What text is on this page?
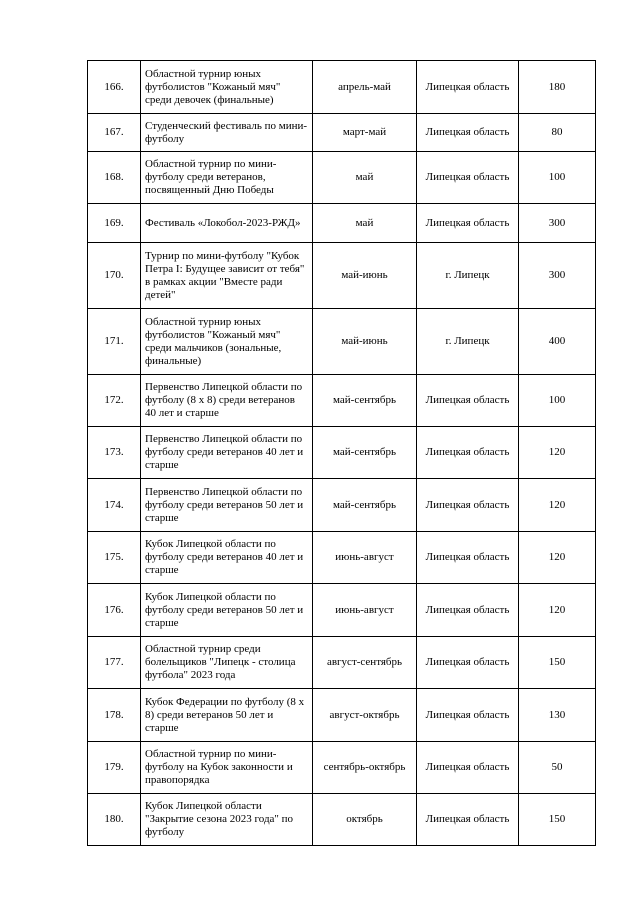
166.	Областной турнир юных футболистов "Кожаный мяч" среди девочек (финальные)	апрель-май	Липецкая область	180
167.	Студенческий фестиваль по мини-футболу	март-май	Липецкая область	80
168.	Областной турнир по мини-футболу среди ветеранов, посвященный Дню Победы	май	Липецкая область	100
169.	Фестиваль «Локобол-2023-РЖД»	май	Липецкая область	300
170.	Турнир по мини-футболу "Кубок Петра I: Будущее зависит от тебя" в рамках акции "Вместе ради детей"	май-июнь	г. Липецк	300
171.	Областной турнир юных футболистов "Кожаный мяч" среди мальчиков (зональные, финальные)	май-июнь	г. Липецк	400
172.	Первенство Липецкой области по футболу (8 х 8) среди ветеранов 40 лет и старше	май-сентябрь	Липецкая область	100
173.	Первенство Липецкой области по футболу среди ветеранов 40 лет и старше	май-сентябрь	Липецкая область	120
174.	Первенство Липецкой области по футболу среди ветеранов 50 лет и старше	май-сентябрь	Липецкая область	120
175.	Кубок Липецкой области по футболу среди ветеранов 40 лет и старше	июнь-август	Липецкая область	120
176.	Кубок Липецкой области по футболу среди ветеранов 50 лет и старше	июнь-август	Липецкая область	120
177.	Областной турнир среди болельщиков "Липецк - столица футбола" 2023 года	август-сентябрь	Липецкая область	150
178.	Кубок Федерации по футболу (8 х 8) среди ветеранов 50 лет и старше	август-октябрь	Липецкая область	130
179.	Областной турнир по мини-футболу на Кубок законности и правопорядка	сентябрь-октябрь	Липецкая область	50
180.	Кубок Липецкой области "Закрытие сезона 2023 года" по футболу	октябрь	Липецкая область	150
